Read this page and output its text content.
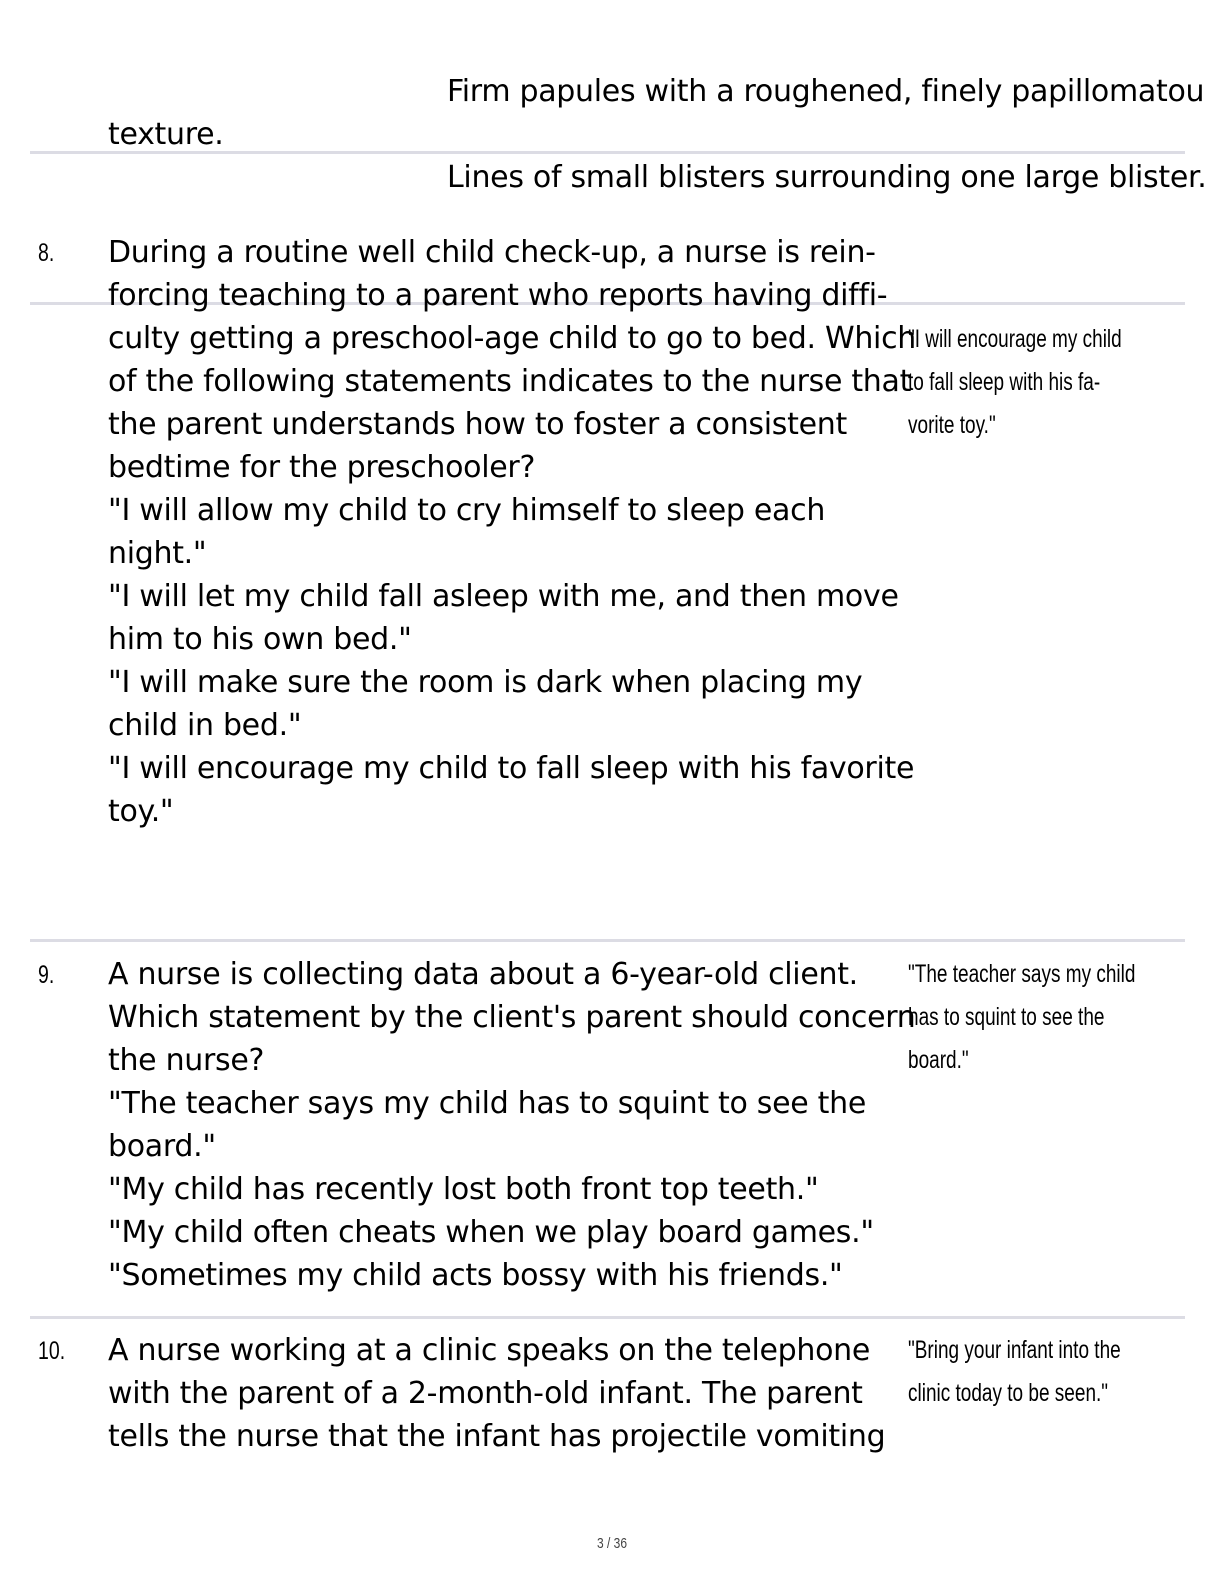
Firm papules with a roughened, finely papillomatou
texture.
Lines of small blisters surrounding one large blister.
8. During a routine well child check-up, a nurse is rein-
forcing teaching to a parent who reports having diffi-
culty getting a preschool-age child to go to bed. Which
of the following statements indicates to the nurse that
the parent understands how to foster a consistent
bedtime for the preschooler?
"I will allow my child to cry himself to sleep each
night."
"I will let my child fall asleep with me, and then move
him to his own bed."
"I will make sure the room is dark when placing my
child in bed."
"I will encourage my child to fall sleep with his favorite
toy."
"I will encourage my child
to fall sleep with his fa-
vorite toy."
9. A nurse is collecting data about a 6-year-old client.
Which statement by the client's parent should concern
the nurse?
"The teacher says my child has to squint to see the
board."
"My child has recently lost both front top teeth."
"My child often cheats when we play board games."
"Sometimes my child acts bossy with his friends."
"The teacher says my child
has to squint to see the
board."
10. A nurse working at a clinic speaks on the telephone
with the parent of a 2-month-old infant. The parent
tells the nurse that the infant has projectile vomiting
"Bring your infant into the
clinic today to be seen."
3 / 36
